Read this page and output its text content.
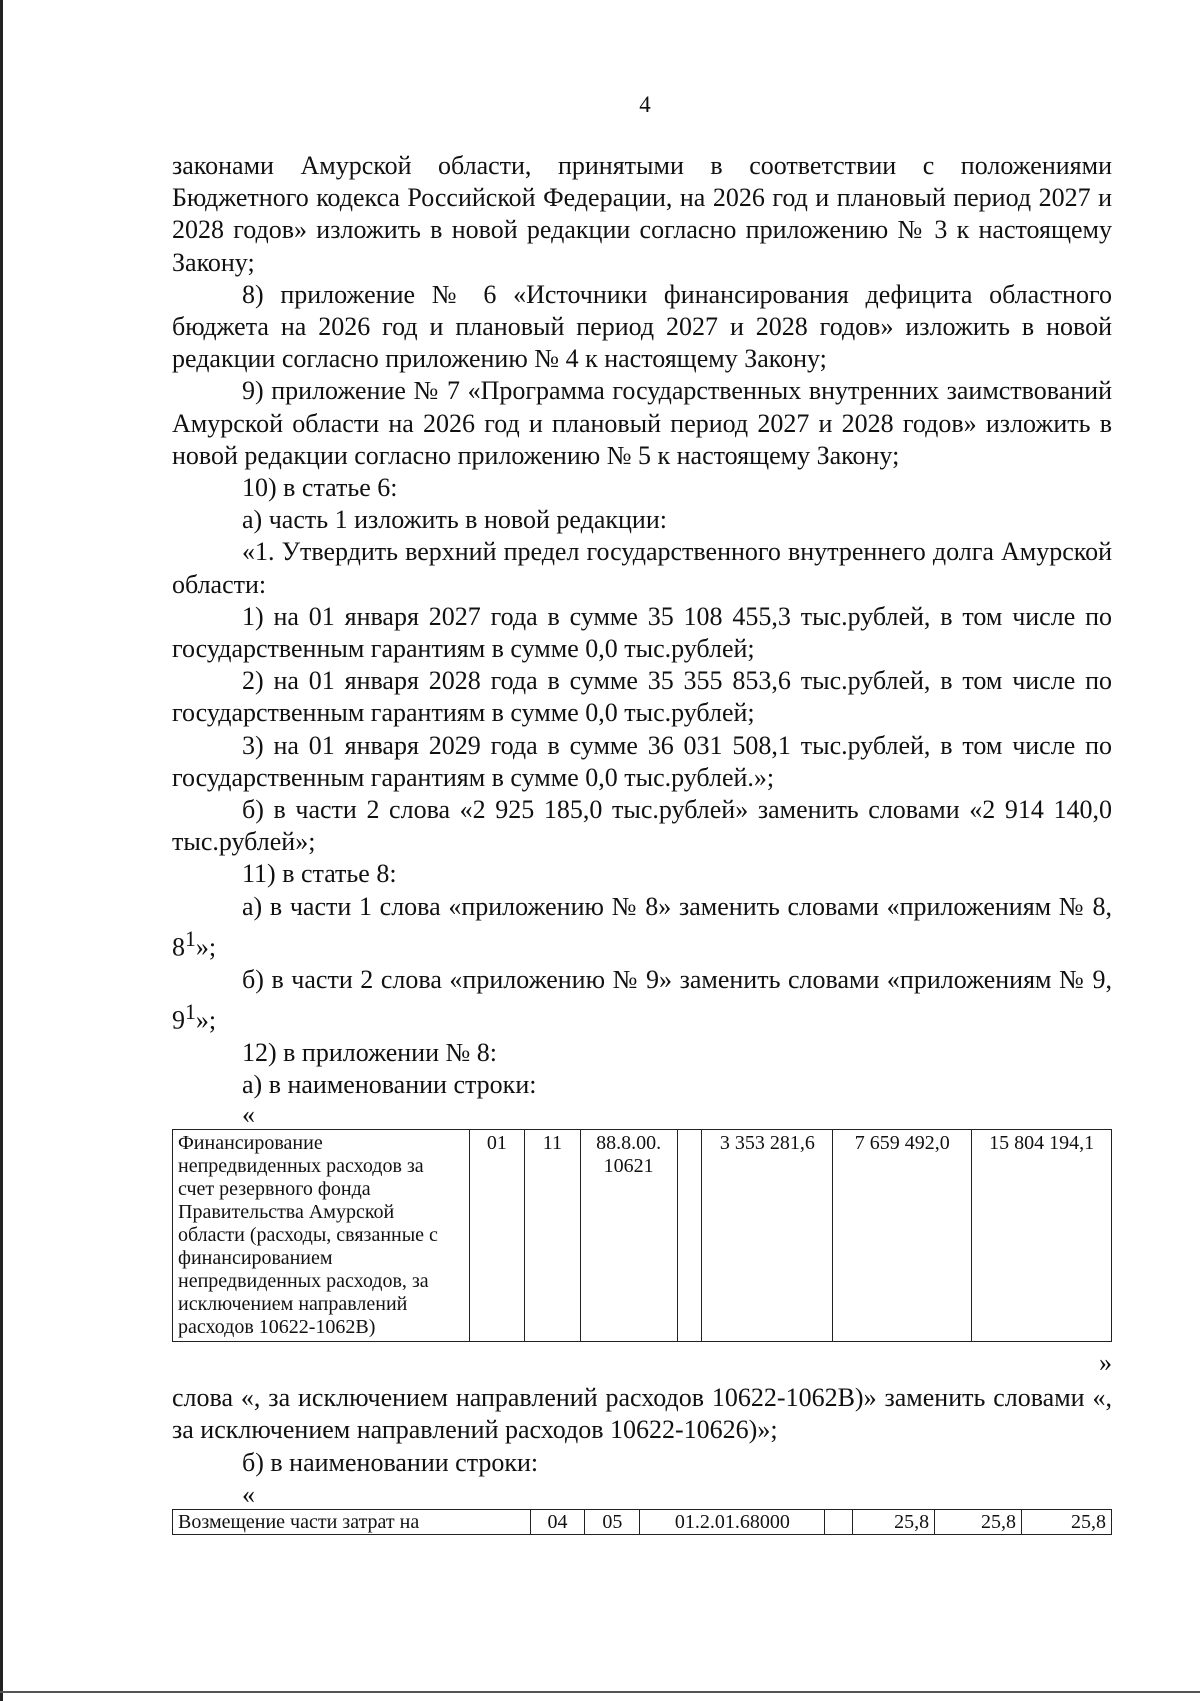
4

законами Амурской области, принятыми в соответствии с положениями Бюджетного кодекса Российской Федерации, на 2026 год и плановый период 2027 и 2028 годов» изложить в новой редакции согласно приложению № 3 к настоящему Закону;

8) приложение № 6 «Источники финансирования дефицита областного бюджета на 2026 год и плановый период 2027 и 2028 годов» изложить в новой редакции согласно приложению № 4 к настоящему Закону;

9) приложение № 7 «Программа государственных внутренних заимствований Амурской области на 2026 год и плановый период 2027 и 2028 годов» изложить в новой редакции согласно приложению № 5 к настоящему Закону;

10) в статье 6:

а) часть 1 изложить в новой редакции:

«1. Утвердить верхний предел государственного внутреннего долга Амурской области:

1) на 01 января 2027 года в сумме 35 108 455,3 тыс.рублей, в том числе по государственным гарантиям в сумме 0,0 тыс.рублей;

2) на 01 января 2028 года в сумме 35 355 853,6 тыс.рублей, в том числе по государственным гарантиям в сумме 0,0 тыс.рублей;

3) на 01 января 2029 года в сумме 36 031 508,1 тыс.рублей, в том числе по государственным гарантиям в сумме 0,0 тыс.рублей.»;

б) в части 2 слова «2 925 185,0 тыс.рублей» заменить словами «2 914 140,0 тыс.рублей»;

11) в статье 8:

а) в части 1 слова «приложению № 8» заменить словами «приложениям № 8, $8^1$»;

б) в части 2 слова «приложению № 9» заменить словами «приложениям № 9, $9^1$»;

12) в приложении № 8:

а) в наименовании строки:

«
Финансирование непредвиденных расходов за счет резервного фонда Правительства Амурской области (расходы, связанные с финансированием непредвиденных расходов, за исключением направлений расходов 10622-1062В)	01	11	88.8.00. 10621		3 353 281,6	7 659 492,0	15 804 194,1
»

слова «, за исключением направлений расходов 10622-1062В)» заменить словами «, за исключением направлений расходов 10622-10626)»;

б) в наименовании строки:

«
Возмещение части затрат на	04	05	01.2.01.68000		25,8	25,8	25,8
